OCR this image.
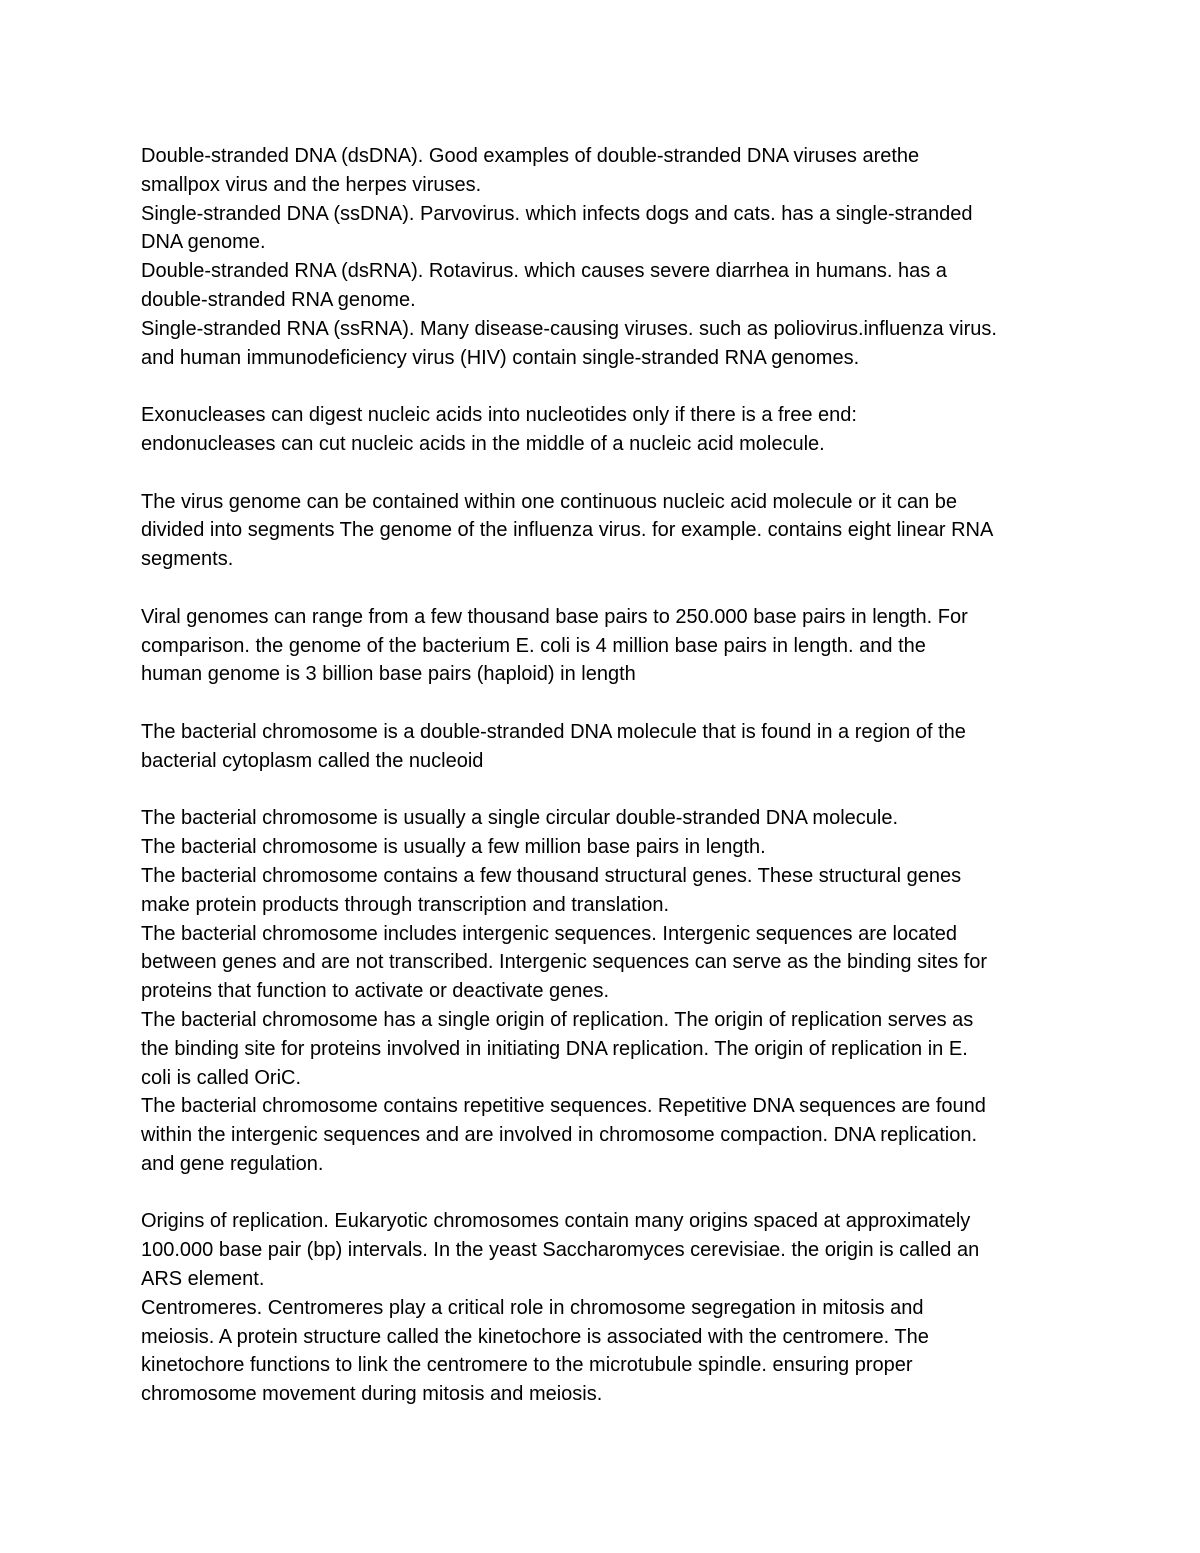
Double-stranded DNA (dsDNA). Good examples of double-stranded DNA viruses arethe
smallpox virus and the herpes viruses.
Single-stranded DNA (ssDNA). Parvovirus. which infects dogs and cats. has a single-stranded
DNA genome.
Double-stranded RNA (dsRNA). Rotavirus. which causes severe diarrhea in humans. has a
double-stranded RNA genome.
Single-stranded RNA (ssRNA). Many disease-causing viruses. such as poliovirus.influenza virus.
and human immunodeficiency virus (HIV) contain single-stranded RNA genomes.
Exonucleases can digest nucleic acids into nucleotides only if there is a free end:
endonucleases can cut nucleic acids in the middle of a nucleic acid molecule.
The virus genome can be contained within one continuous nucleic acid molecule or it can be
divided into segments The genome of the influenza virus. for example. contains eight linear RNA
segments.
Viral genomes can range from a few thousand base pairs to 250.000 base pairs in length. For
comparison. the genome of the bacterium E. coli is 4 million base pairs in length. and the
human genome is 3 billion base pairs (haploid) in length
The bacterial chromosome is a double-stranded DNA molecule that is found in a region of the
bacterial cytoplasm called the nucleoid
The bacterial chromosome is usually a single circular double-stranded DNA molecule.
The bacterial chromosome is usually a few million base pairs in length.
The bacterial chromosome contains a few thousand structural genes. These structural genes
make protein products through transcription and translation.
The bacterial chromosome includes intergenic sequences. Intergenic sequences are located
between genes and are not transcribed. Intergenic sequences can serve as the binding sites for
proteins that function to activate or deactivate genes.
The bacterial chromosome has a single origin of replication. The origin of replication serves as
the binding site for proteins involved in initiating DNA replication. The origin of replication in E.
coli is called OriC.
The bacterial chromosome contains repetitive sequences. Repetitive DNA sequences are found
within the intergenic sequences and are involved in chromosome compaction. DNA replication.
and gene regulation.
Origins of replication. Eukaryotic chromosomes contain many origins spaced at approximately
100.000 base pair (bp) intervals. In the yeast Saccharomyces cerevisiae. the origin is called an
ARS element.
Centromeres. Centromeres play a critical role in chromosome segregation in mitosis and
meiosis. A protein structure called the kinetochore is associated with the centromere. The
kinetochore functions to link the centromere to the microtubule spindle. ensuring proper
chromosome movement during mitosis and meiosis.
